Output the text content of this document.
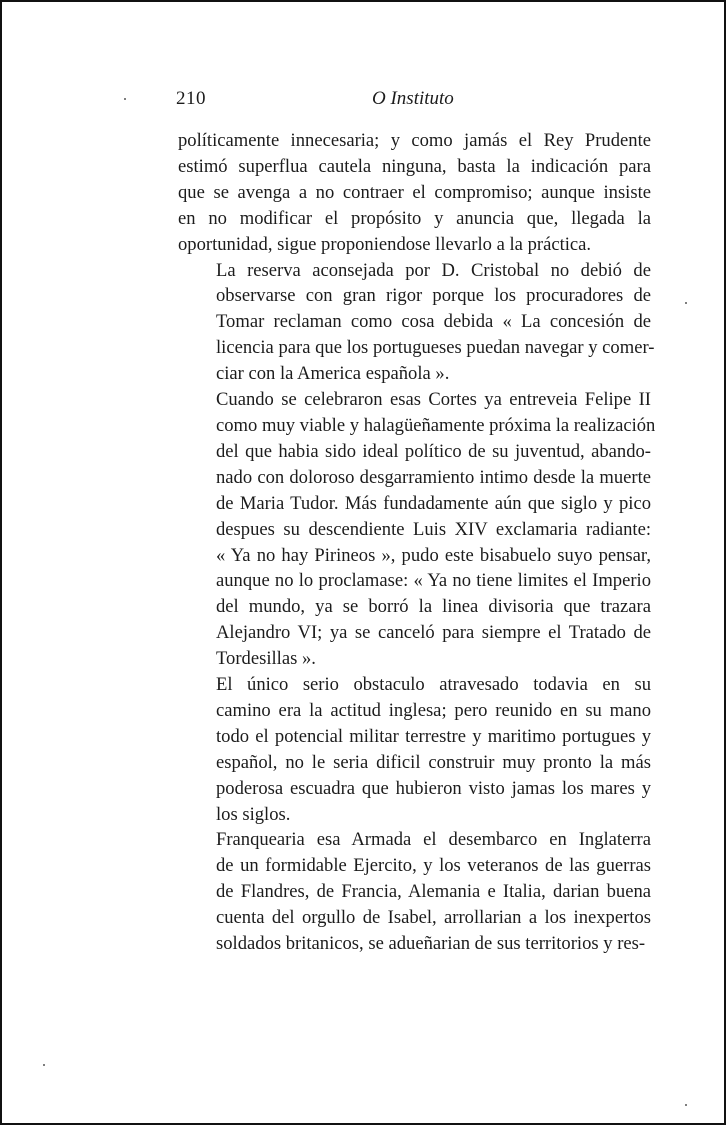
210	O Instituto

políticamente innecesaria; y como jamás el Rey Prudente
estimó superflua cautela ninguna, basta la indicación para
que se avenga a no contraer el compromiso; aunque insiste
en no modificar el propósito y anuncia que, llegada la
oportunidad, sigue proponiendose llevarlo a la práctica.

La reserva aconsejada por D. Cristobal no debió de
observarse con gran rigor porque los procuradores de
Tomar reclaman como cosa debida « La concesión de
licencia para que los portugueses puedan navegar y comer-
ciar con la America española ».

Cuando se celebraron esas Cortes ya entreveia Felipe II
como muy viable y halagüeñamente próxima la realización
del que habia sido ideal político de su juventud, abando-
nado con doloroso desgarramiento intimo desde la muerte
de Maria Tudor. Más fundadamente aún que siglo y pico
despues su descendiente Luis XIV exclamaria radiante:
« Ya no hay Pirineos », pudo este bisabuelo suyo pensar,
aunque no lo proclamase: « Ya no tiene limites el Imperio
del mundo, ya se borró la linea divisoria que trazara
Alejandro VI; ya se canceló para siempre el Tratado de
Tordesillas ».

El único serio obstaculo atravesado todavia en su
camino era la actitud inglesa; pero reunido en su mano
todo el potencial militar terrestre y maritimo portugues y
español, no le seria dificil construir muy pronto la más
poderosa escuadra que hubieron visto jamas los mares y
los siglos.

Franquearia esa Armada el desembarco en Inglaterra
de un formidable Ejercito, y los veteranos de las guerras
de Flandres, de Francia, Alemania e Italia, darian buena
cuenta del orgullo de Isabel, arrollarian a los inexpertos
soldados britanicos, se adueñarian de sus territorios y res-
